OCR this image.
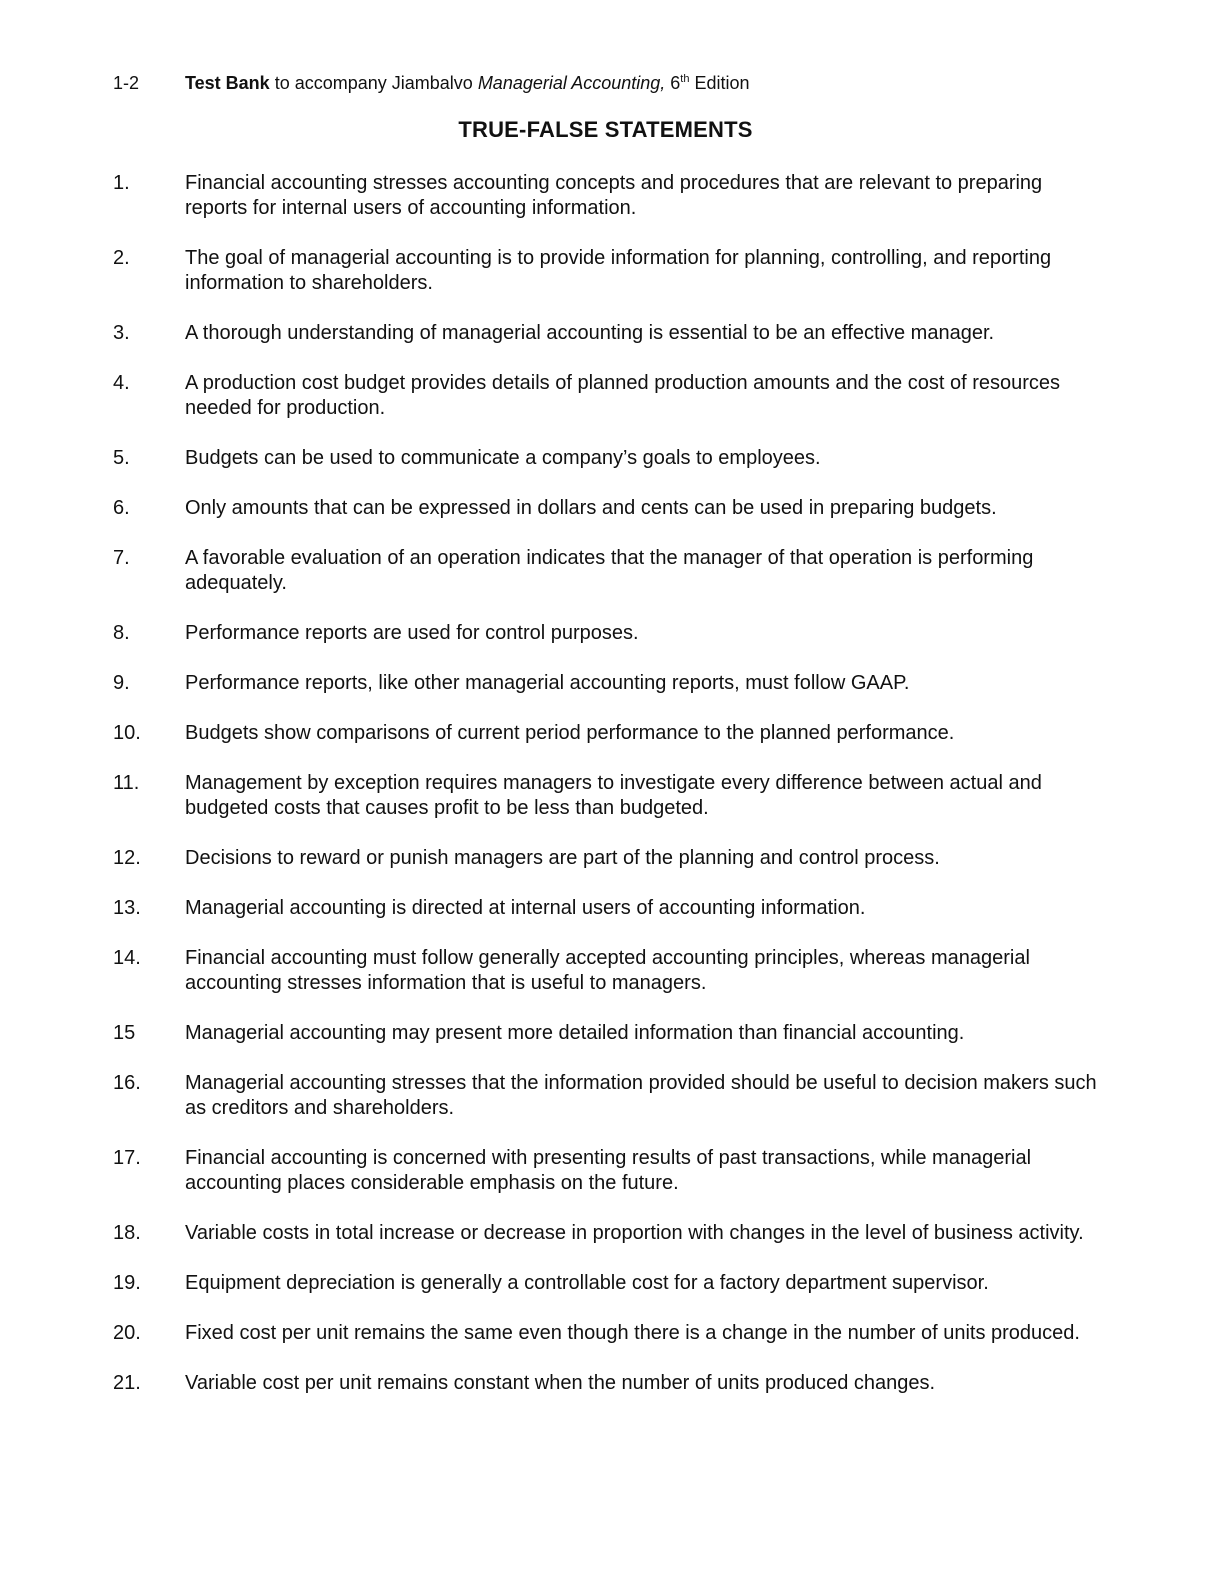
1-2	Test Bank to accompany Jiambalvo Managerial Accounting, 6th Edition
TRUE-FALSE STATEMENTS
1.	Financial accounting stresses accounting concepts and procedures that are relevant to preparing reports for internal users of accounting information.
2.	The goal of managerial accounting is to provide information for planning, controlling, and reporting information to shareholders.
3.	A thorough understanding of managerial accounting is essential to be an effective manager.
4.	A production cost budget provides details of planned production amounts and the cost of resources needed for production.
5.	Budgets can be used to communicate a company’s goals to employees.
6.	Only amounts that can be expressed in dollars and cents can be used in preparing budgets.
7.	A favorable evaluation of an operation indicates that the manager of that operation is performing adequately.
8.	Performance reports are used for control purposes.
9.	Performance reports, like other managerial accounting reports, must follow GAAP.
10.	Budgets show comparisons of current period performance to the planned performance.
11.	Management by exception requires managers to investigate every difference between actual and budgeted costs that causes profit to be less than budgeted.
12.	Decisions to reward or punish managers are part of the planning and control process.
13.	Managerial accounting is directed at internal users of accounting information.
14.	Financial accounting must follow generally accepted accounting principles, whereas managerial accounting stresses information that is useful to managers.
15	Managerial accounting may present more detailed information than financial accounting.
16.	Managerial accounting stresses that the information provided should be useful to decision makers such as creditors and shareholders.
17.	Financial accounting is concerned with presenting results of past transactions, while managerial accounting places considerable emphasis on the future.
18.	Variable costs in total increase or decrease in proportion with changes in the level of business activity.
19.	Equipment depreciation is generally a controllable cost for a factory department supervisor.
20.	Fixed cost per unit remains the same even though there is a change in the number of units produced.
21.	Variable cost per unit remains constant when the number of units produced changes.
